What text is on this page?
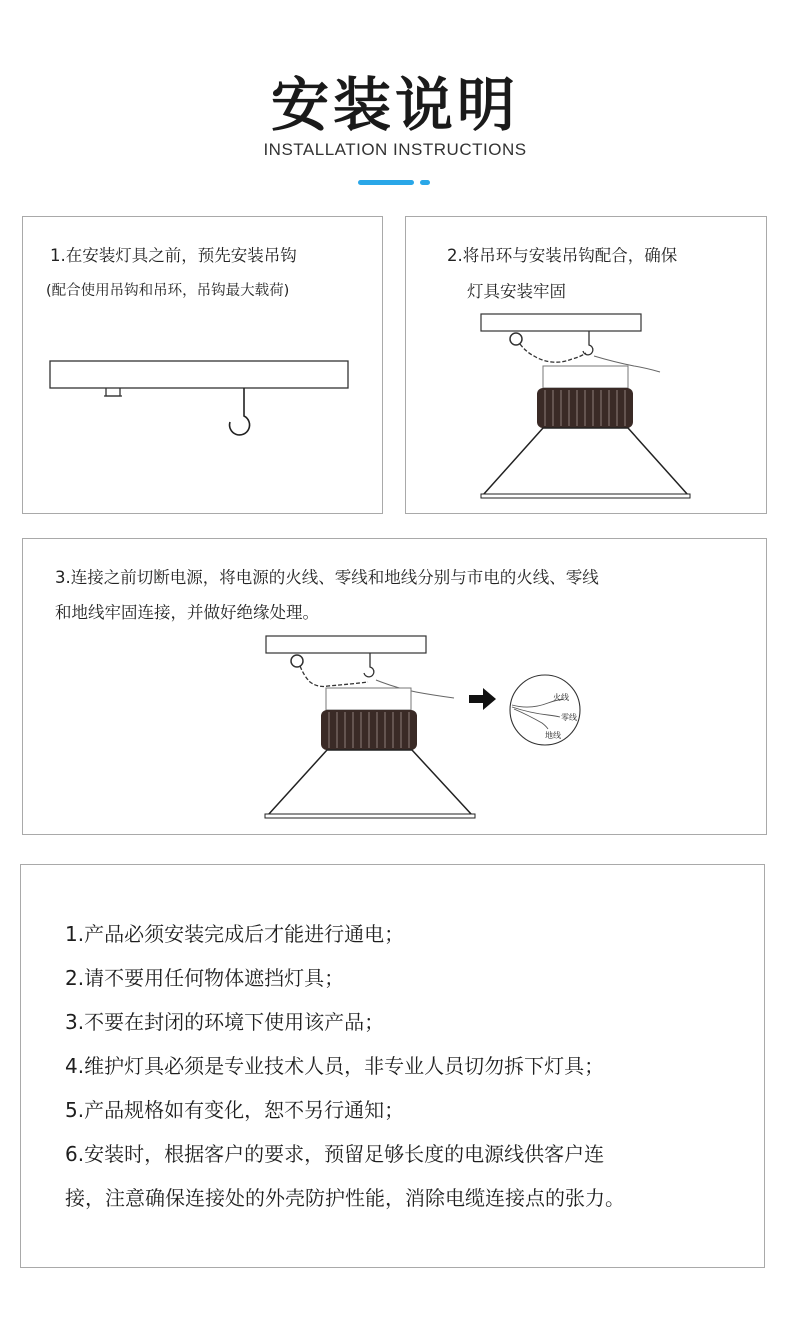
安装说明
INSTALLATION INSTRUCTIONS
1.在安装灯具之前，预先安装吊钩
(配合使用吊钩和吊环，吊钩最大载荷)
2.将吊环与安装吊钩配合，确保
灯具安装牢固
3.连接之前切断电源，将电源的火线、零线和地线分别与市电的火线、零线
和地线牢固连接，并做好绝缘处理。
火线
零线
地线
1.产品必须安装完成后才能进行通电；
2.请不要用任何物体遮挡灯具；
3.不要在封闭的环境下使用该产品；
4.维护灯具必须是专业技术人员，非专业人员切勿拆下灯具；
5.产品规格如有变化，恕不另行通知；
6.安装时，根据客户的要求，预留足够长度的电源线供客户连
接，注意确保连接处的外壳防护性能，消除电缆连接点的张力。
